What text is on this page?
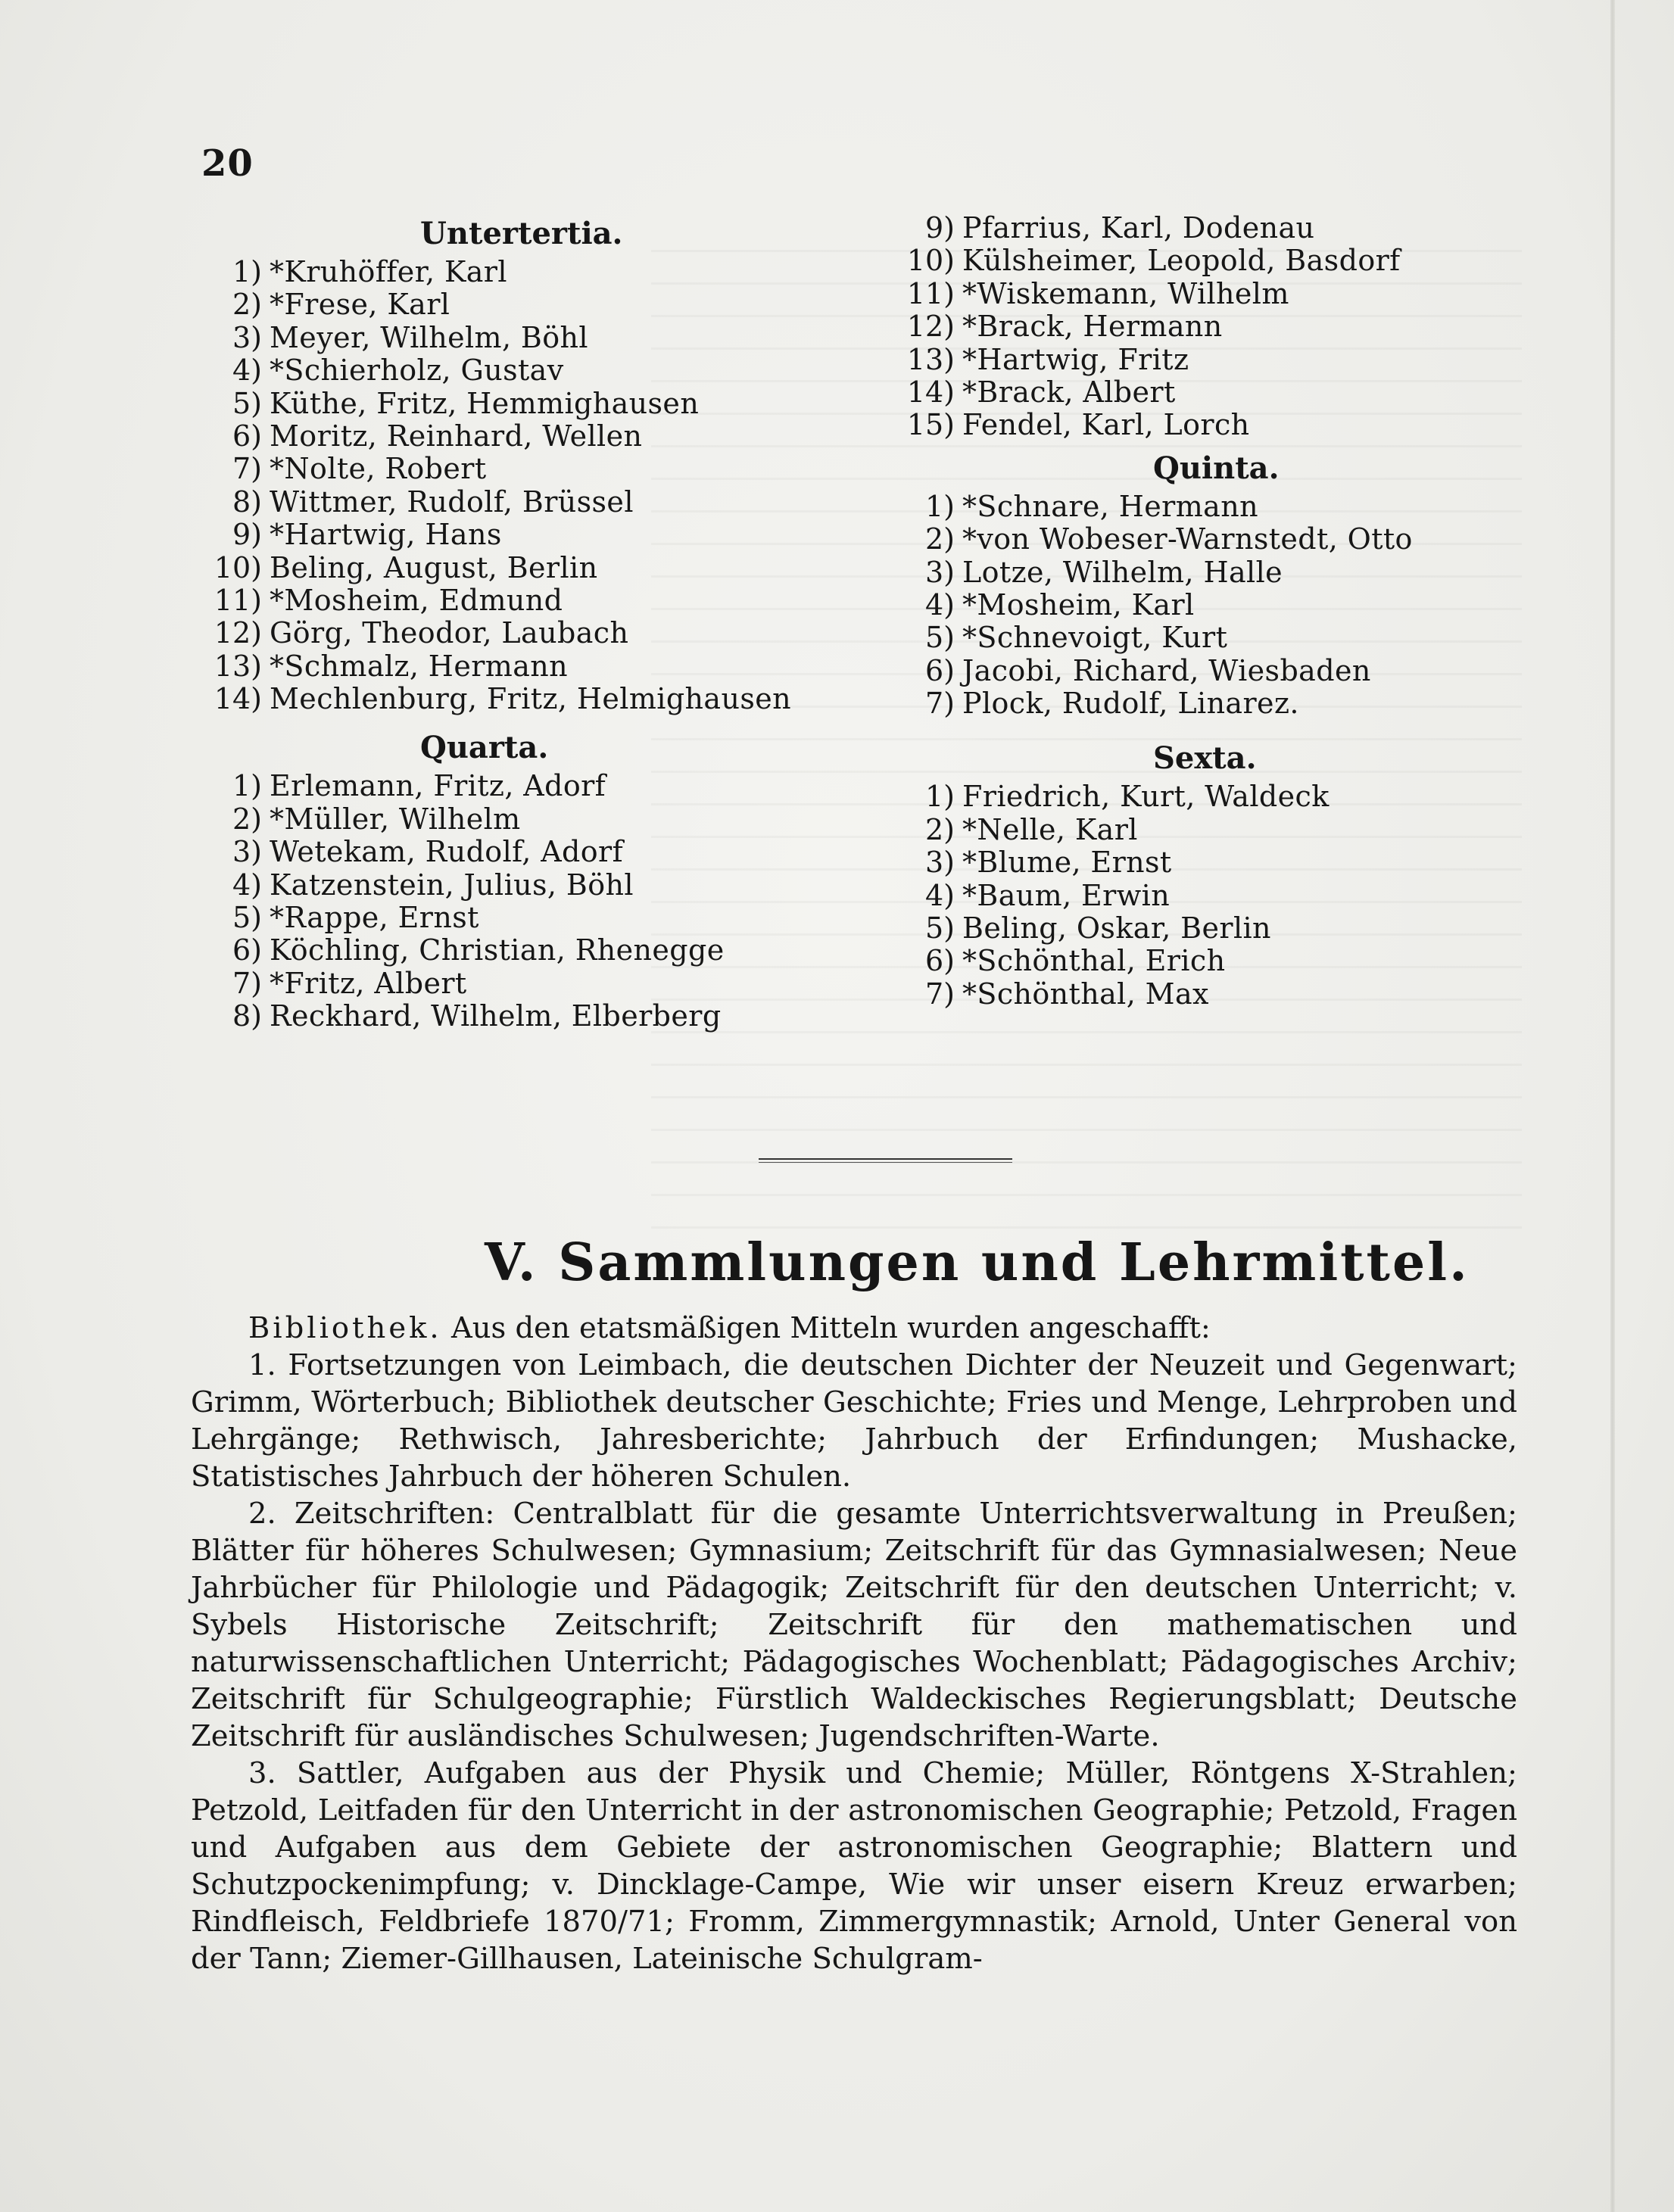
20
Untertertia.
1) *Kruhöffer, Karl
2) *Frese, Karl
3) Meyer, Wilhelm, Böhl
4) *Schierholz, Gustav
5) Küthe, Fritz, Hemmighausen
6) Moritz, Reinhard, Wellen
7) *Nolte, Robert
8) Wittmer, Rudolf, Brüssel
9) *Hartwig, Hans
10) Beling, August, Berlin
11) *Mosheim, Edmund
12) Görg, Theodor, Laubach
13) *Schmalz, Hermann
14) Mechlenburg, Fritz, Helmighausen
Quarta.
1) Erlemann, Fritz, Adorf
2) *Müller, Wilhelm
3) Wetekam, Rudolf, Adorf
4) Katzenstein, Julius, Böhl
5) *Rappe, Ernst
6) Köchling, Christian, Rhenegge
7) *Fritz, Albert
8) Reckhard, Wilhelm, Elberberg
9) Pfarrius, Karl, Dodenau
10) Külsheimer, Leopold, Basdorf
11) *Wiskemann, Wilhelm
12) *Brack, Hermann
13) *Hartwig, Fritz
14) *Brack, Albert
15) Fendel, Karl, Lorch
Quinta.
1) *Schnare, Hermann
2) *von Wobeser-Warnstedt, Otto
3) Lotze, Wilhelm, Halle
4) *Mosheim, Karl
5) *Schnevoigt, Kurt
6) Jacobi, Richard, Wiesbaden
7) Plock, Rudolf, Linarez.
Sexta.
1) Friedrich, Kurt, Waldeck
2) *Nelle, Karl
3) *Blume, Ernst
4) *Baum, Erwin
5) Beling, Oskar, Berlin
6) *Schönthal, Erich
7) *Schönthal, Max
V. Sammlungen und Lehrmittel.

Bibliothek. Aus den etatsmäßigen Mitteln wurden angeschafft:

1. Fortsetzungen von Leimbach, die deutschen Dichter der Neuzeit und Gegenwart; Grimm, Wörterbuch; Bibliothek deutscher Geschichte; Fries und Menge, Lehrproben und Lehrgänge; Rethwisch, Jahresberichte; Jahrbuch der Erfindungen; Mushacke, Statistisches Jahrbuch der höheren Schulen.

2. Zeitschriften: Centralblatt für die gesamte Unterrichtsverwaltung in Preußen; Blätter für höheres Schulwesen; Gymnasium; Zeitschrift für das Gymnasialwesen; Neue Jahrbücher für Philologie und Pädagogik; Zeitschrift für den deutschen Unterricht; v. Sybels Historische Zeitschrift; Zeitschrift für den mathematischen und naturwissenschaftlichen Unterricht; Pädagogisches Wochenblatt; Pädagogisches Archiv; Zeitschrift für Schulgeographie; Fürstlich Waldeckisches Regierungsblatt; Deutsche Zeitschrift für ausländisches Schulwesen; Jugendschriften-Warte.

3. Sattler, Aufgaben aus der Physik und Chemie; Müller, Röntgens X-Strahlen; Petzold, Leitfaden für den Unterricht in der astronomischen Geographie; Petzold, Fragen und Aufgaben aus dem Gebiete der astronomischen Geographie; Blattern und Schutzpockenimpfung; v. Dincklage-Campe, Wie wir unser eisern Kreuz erwarben; Rindfleisch, Feldbriefe 1870/71; Fromm, Zimmergymnastik; Arnold, Unter General von der Tann; Ziemer-Gillhausen, Lateinische Schulgram-
